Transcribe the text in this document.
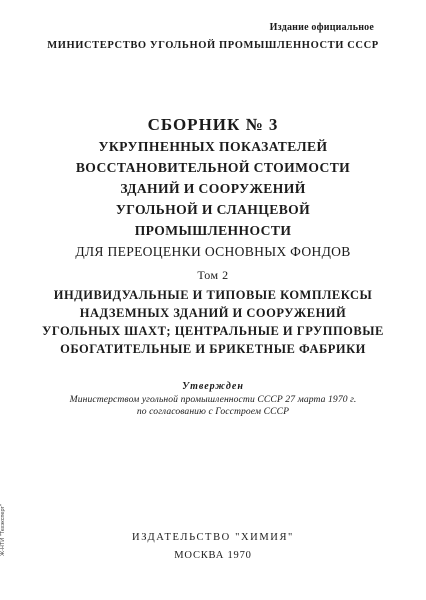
Издание официальное
МИНИСТЕРСТВО УГОЛЬНОЙ ПРОМЫШЛЕННОСТИ СССР
СБОРНИК № 3
УКРУПНЕННЫХ ПОКАЗАТЕЛЕЙ
ВОССТАНОВИТЕЛЬНОЙ СТОИМОСТИ
ЗДАНИЙ И СООРУЖЕНИЙ
УГОЛЬНОЙ И СЛАНЦЕВОЙ
ПРОМЫШЛЕННОСТИ
ДЛЯ ПЕРЕОЦЕНКИ ОСНОВНЫХ ФОНДОВ
Том 2
ИНДИВИДУАЛЬНЫЕ И ТИПОВЫЕ КОМПЛЕКСЫ
НАДЗЕМНЫХ ЗДАНИЙ И СООРУЖЕНИЙ
УГОЛЬНЫХ ШАХТ; ЦЕНТРАЛЬНЫЕ И ГРУППОВЫЕ
ОБОГАТИТЕЛЬНЫЕ И БРИКЕТНЫЕ ФАБРИКИ
Утвержден
Министерством угольной промышленности СССР 27 марта 1970 г.
по согласованию с Госстроем СССР
ИЗДАТЕЛЬСТВО "ХИМИЯ"
МОСКВА 1970
Ж-НТИ "Техэксперт"
